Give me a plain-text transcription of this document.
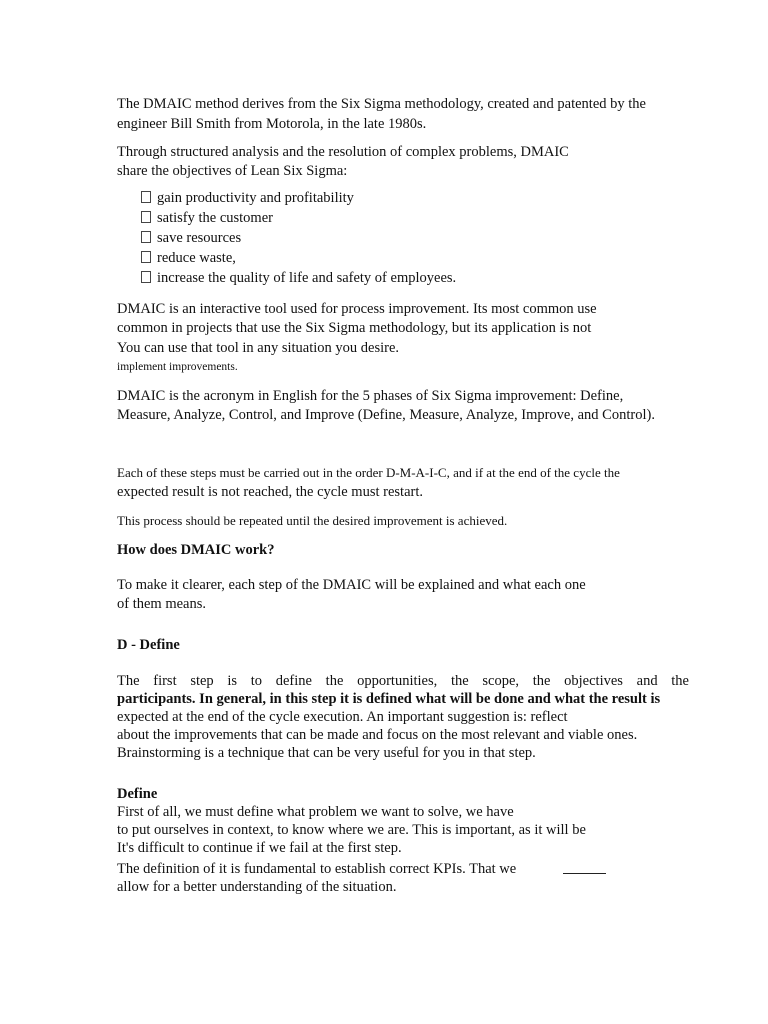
The DMAIC method derives from the Six Sigma methodology, created and patented by the

engineer Bill Smith from Motorola, in the late 1980s.

Through structured analysis and the resolution of complex problems, DMAIC

share the objectives of Lean Six Sigma:

gain productivity and profitability

satisfy the customer

save resources

reduce waste,

increase the quality of life and safety of employees.

DMAIC is an interactive tool used for process improvement. Its most common use

common in projects that use the Six Sigma methodology, but its application is not

You can use that tool in any situation you desire.

implement improvements.

DMAIC is the acronym in English for the 5 phases of Six Sigma improvement: Define,

Measure, Analyze, Control, and Improve (Define, Measure, Analyze, Improve, and Control).

Each of these steps must be carried out in the order D-M-A-I-C, and if at the end of the cycle the

expected result is not reached, the cycle must restart.

This process should be repeated until the desired improvement is achieved.

How does DMAIC work?

To make it clearer, each step of the DMAIC will be explained and what each one

of them means.

D - Define

The first step is to define the opportunities, the scope, the objectives and the

participants. In general, in this step it is defined what will be done and what the result is

expected at the end of the cycle execution. An important suggestion is: reflect

about the improvements that can be made and focus on the most relevant and viable ones.

Brainstorming is a technique that can be very useful for you in that step.

Define

First of all, we must define what problem we want to solve, we have

to put ourselves in context, to know where we are. This is important, as it will be

It's difficult to continue if we fail at the first step.

The definition of it is fundamental to establish correct KPIs. That we

allow for a better understanding of the situation.
